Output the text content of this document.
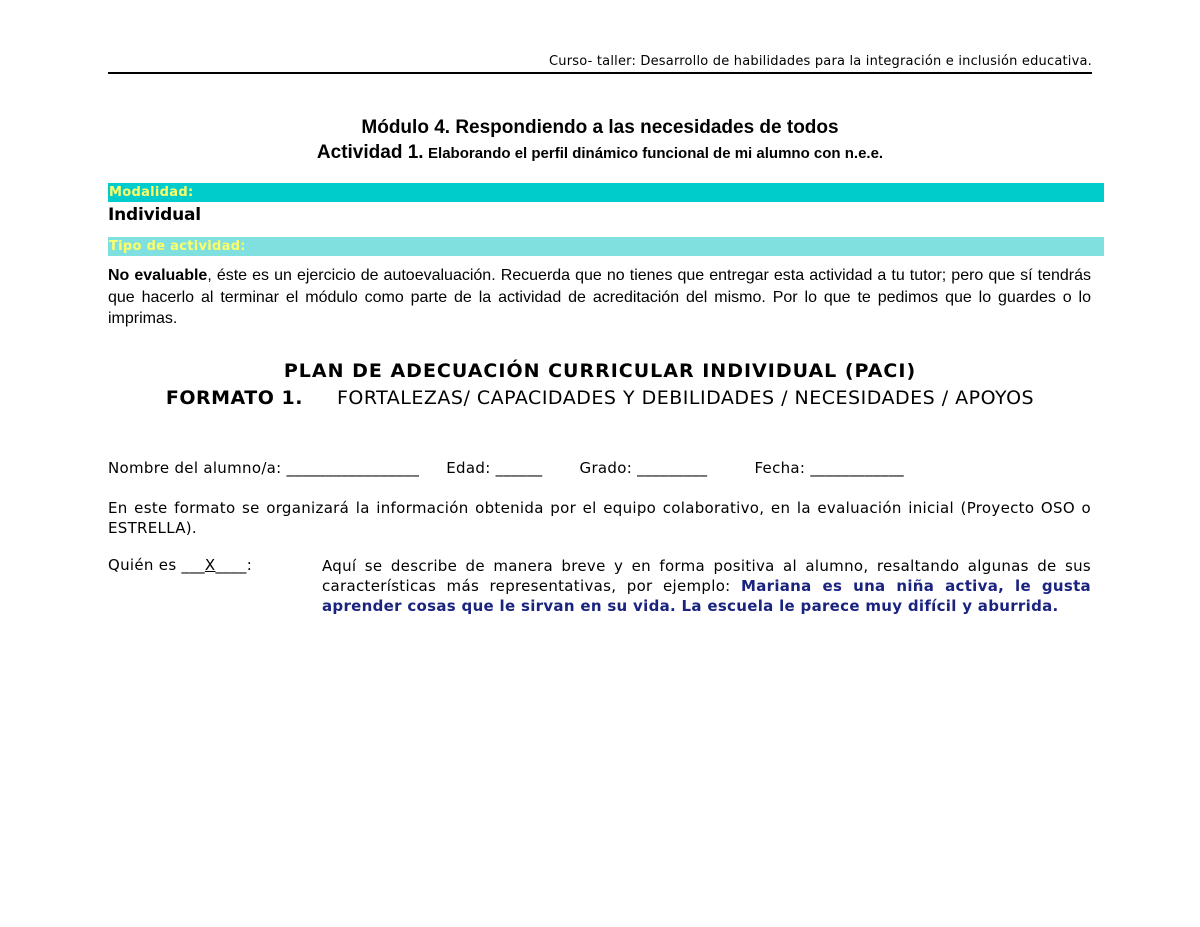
Curso- taller: Desarrollo de habilidades para la integración e inclusión educativa.
Módulo 4. Respondiendo a las necesidades de todos
Actividad 1. Elaborando el perfil dinámico funcional de mi alumno con n.e.e.
Modalidad:
Individual
Tipo de actividad:
No evaluable, éste es un ejercicio de autoevaluación. Recuerda que no tienes que entregar esta actividad a tu tutor; pero que sí tendrás que hacerlo al terminar el módulo como parte de la actividad de acreditación del mismo. Por lo que te pedimos que lo guardes o lo imprimas.
PLAN DE ADECUACIÓN CURRICULAR INDIVIDUAL (PACI)
FORMATO 1. FORTALEZAS/ CAPACIDADES Y DEBILIDADES / NECESIDADES / APOYOS
Nombre del alumno/a: _________________ Edad: ______ Grado: _________	Fecha: ____________
En este formato se organizará la información obtenida por el equipo colaborativo, en la evaluación inicial (Proyecto OSO o ESTRELLA).
Quién es ___X____:	Aquí se describe de manera breve y en forma positiva al alumno, resaltando algunas de sus características más representativas, por ejemplo: Mariana es una niña activa, le gusta aprender cosas que le sirvan en su vida. La escuela le parece muy difícil y aburrida.
